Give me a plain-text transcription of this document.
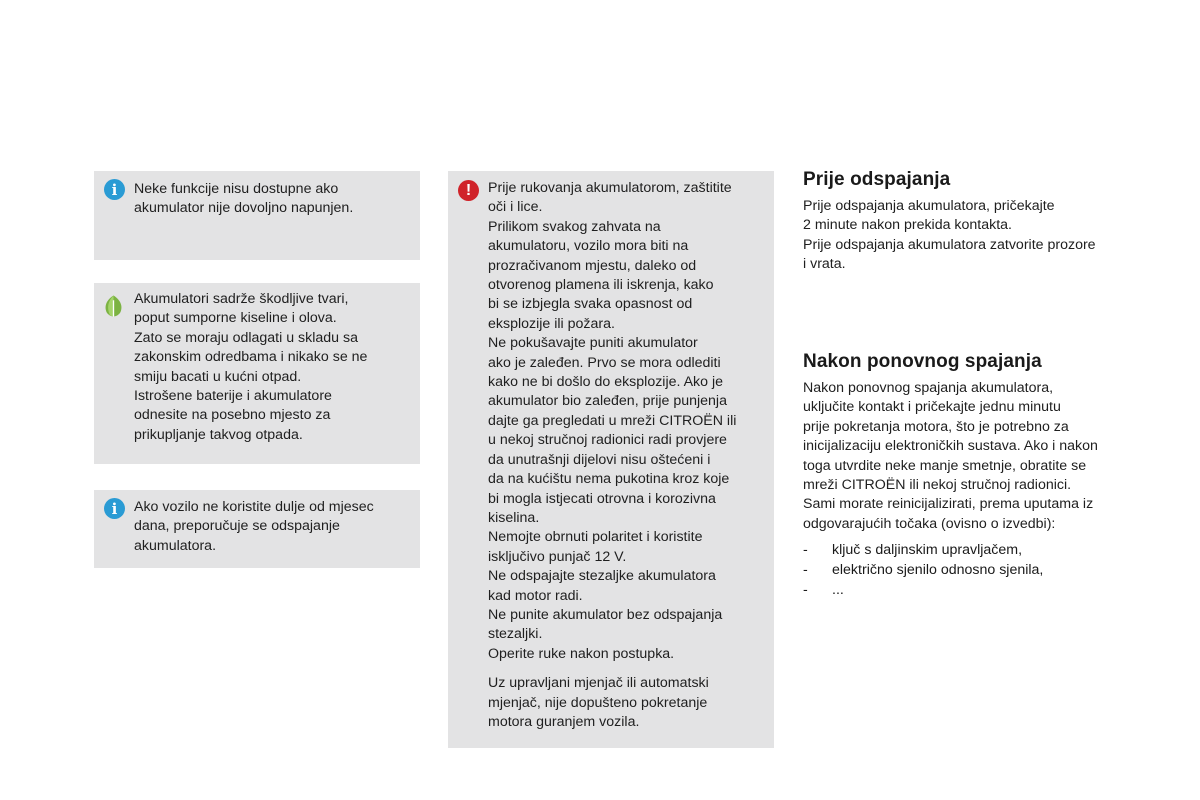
i	Neke funkcije nisu dostupne ako

akumulator nije dovoljno napunjen.

Akumulatori sadrže škodljive tvari,

poput sumporne kiseline i olova.

Zato se moraju odlagati u skladu sa

zakonskim odredbama i nikako se ne

smiju bacati u kućni otpad.

Istrošene baterije i akumulatore

odnesite na posebno mjesto za

prikupljanje takvog otpada.

i	Ako vozilo ne koristite dulje od mjesec

dana, preporučuje se odspajanje

akumulatora.

!	Prije rukovanja akumulatorom, zaštitite

oči i lice.

Prilikom svakog zahvata na

akumulatoru, vozilo mora biti na

prozračivanom mjestu, daleko od

otvorenog plamena ili iskrenja, kako

bi se izbjegla svaka opasnost od

eksplozije ili požara.

Ne pokušavajte puniti akumulator

ako je zaleđen. Prvo se mora odlediti

kako ne bi došlo do eksplozije. Ako je

akumulator bio zaleđen, prije punjenja

dajte ga pregledati u mreži CITROËN ili

u nekoj stručnoj radionici radi provjere

da unutrašnji dijelovi nisu oštećeni i

da na kućištu nema pukotina kroz koje

bi mogla istjecati otrovna i korozivna

kiselina.

Nemojte obrnuti polaritet i koristite

isključivo punjač 12 V.

Ne odspajajte stezaljke akumulatora

kad motor radi.

Ne punite akumulator bez odspajanja

stezaljki.

Operite ruke nakon postupka.

Uz upravljani mjenjač ili automatski

mjenjač, nije dopušteno pokretanje

motora guranjem vozila.

Prije odspajanja

Prije odspajanja akumulatora, pričekajte

2 minute nakon prekida kontakta.

Prije odspajanja akumulatora zatvorite prozore

i vrata.

Nakon ponovnog spajanja

Nakon ponovnog spajanja akumulatora,

uključite kontakt i pričekajte jednu minutu

prije pokretanja motora, što je potrebno za

inicijalizaciju elektroničkih sustava. Ako i nakon

toga utvrdite neke manje smetnje, obratite se

mreži CITROËN ili nekoj stručnoj radionici.

Sami morate reinicijalizirati, prema uputama iz

odgovarajućih točaka (ovisno o izvedbi):

- ključ s daljinskim upravljačem,
- električno sjenilo odnosno sjenila,
- ...
